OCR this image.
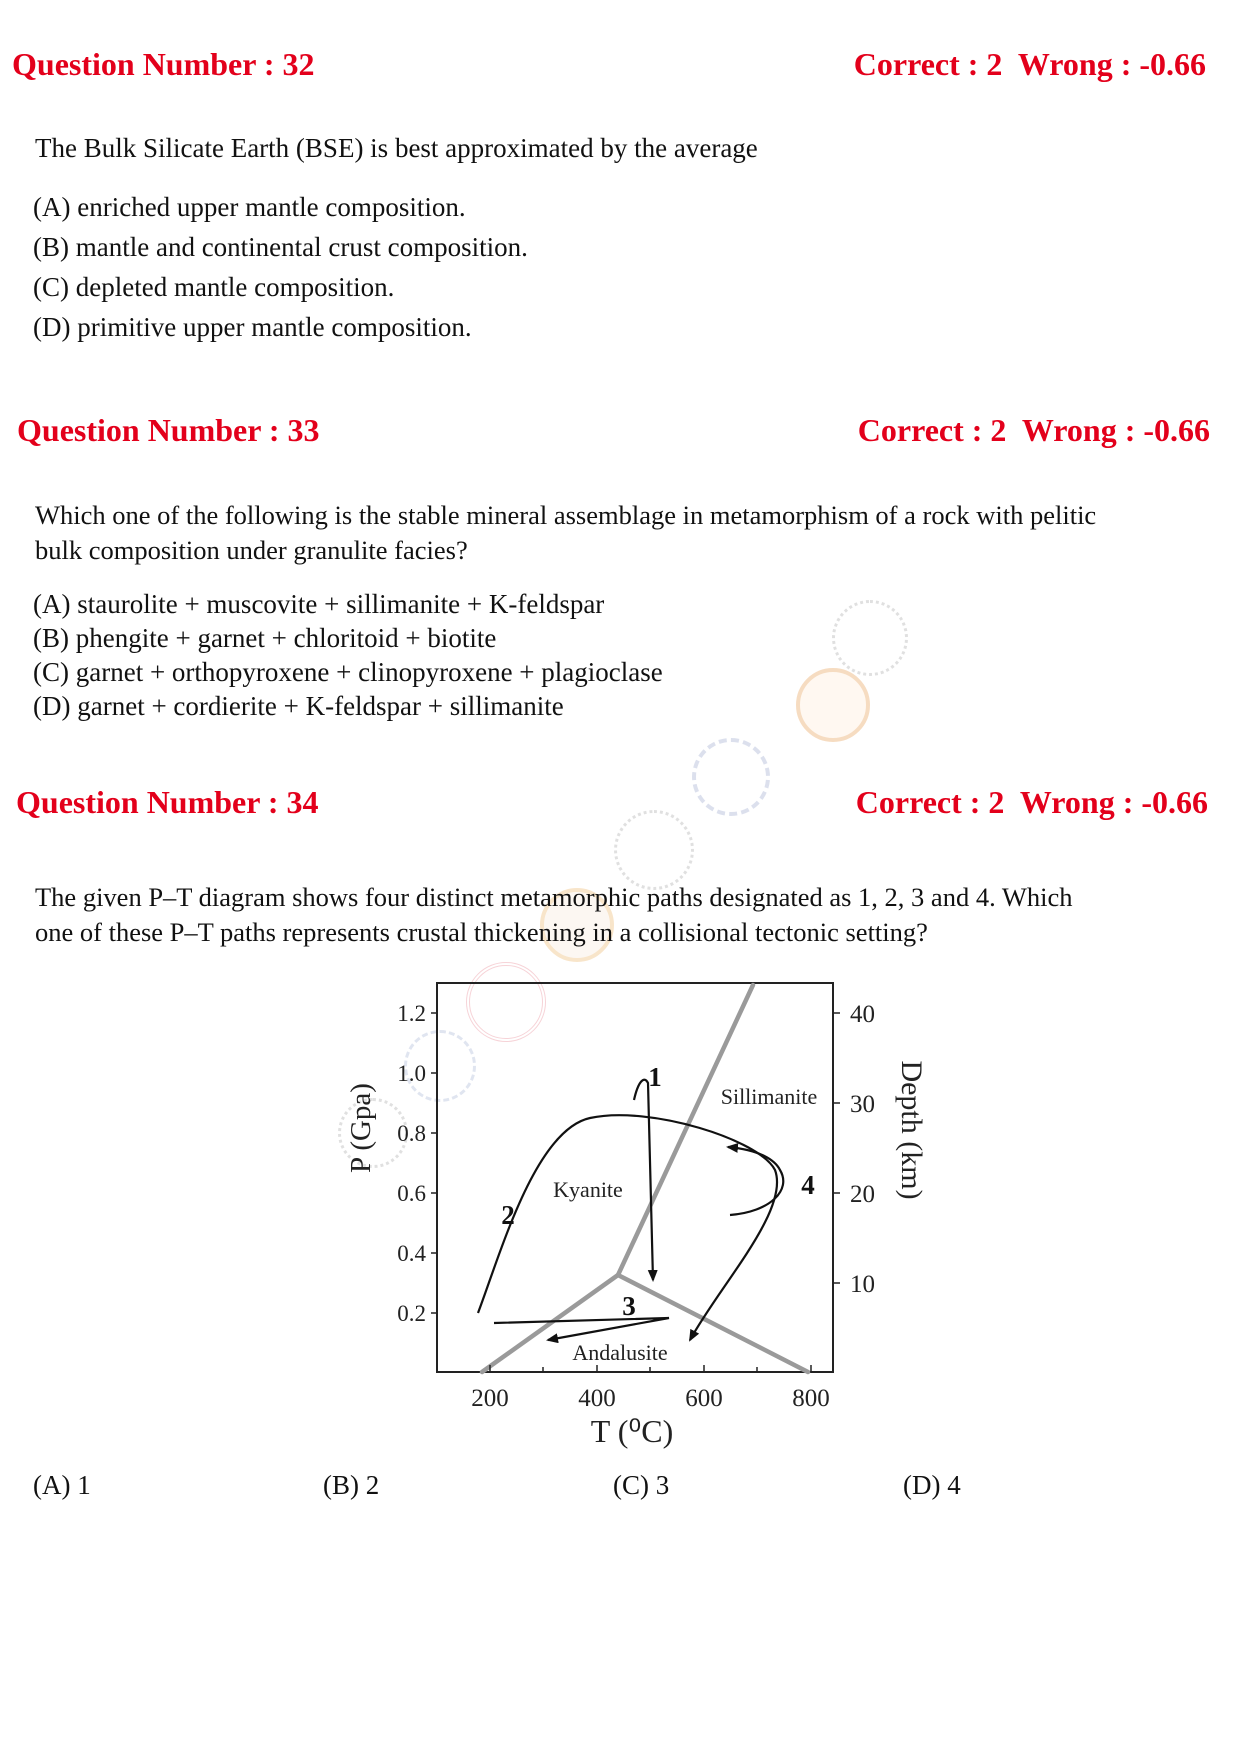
Question Number : 32	Correct : 2  Wrong : -0.66
The Bulk Silicate Earth (BSE) is best approximated by the average
(A) enriched upper mantle composition.
(B) mantle and continental crust composition.
(C) depleted mantle composition.
(D) primitive upper mantle composition.
Question Number : 33	Correct : 2  Wrong : -0.66
Which one of the following is the stable mineral assemblage in metamorphism of a rock with pelitic
bulk composition under granulite facies?
(A) staurolite + muscovite + sillimanite + K-feldspar
(B) phengite + garnet + chloritoid + biotite
(C) garnet + orthopyroxene + clinopyroxene + plagioclase
(D) garnet + cordierite + K-feldspar + sillimanite
Question Number : 34	Correct : 2  Wrong : -0.66
The given P–T diagram shows four distinct metamorphic paths designated as 1, 2, 3 and 4. Which
one of these P–T paths represents crustal thickening in a collisional tectonic setting?
0.2
0.4
0.6
0.8
1.0
1.2
10
20
30
40
200	400	600	800
P (Gpa)	Depth (km)
T (⁰C)
Kyanite
Sillimanite
Andalusite
1
2
3
4
(A) 1	(B) 2	(C) 3	(D) 4
